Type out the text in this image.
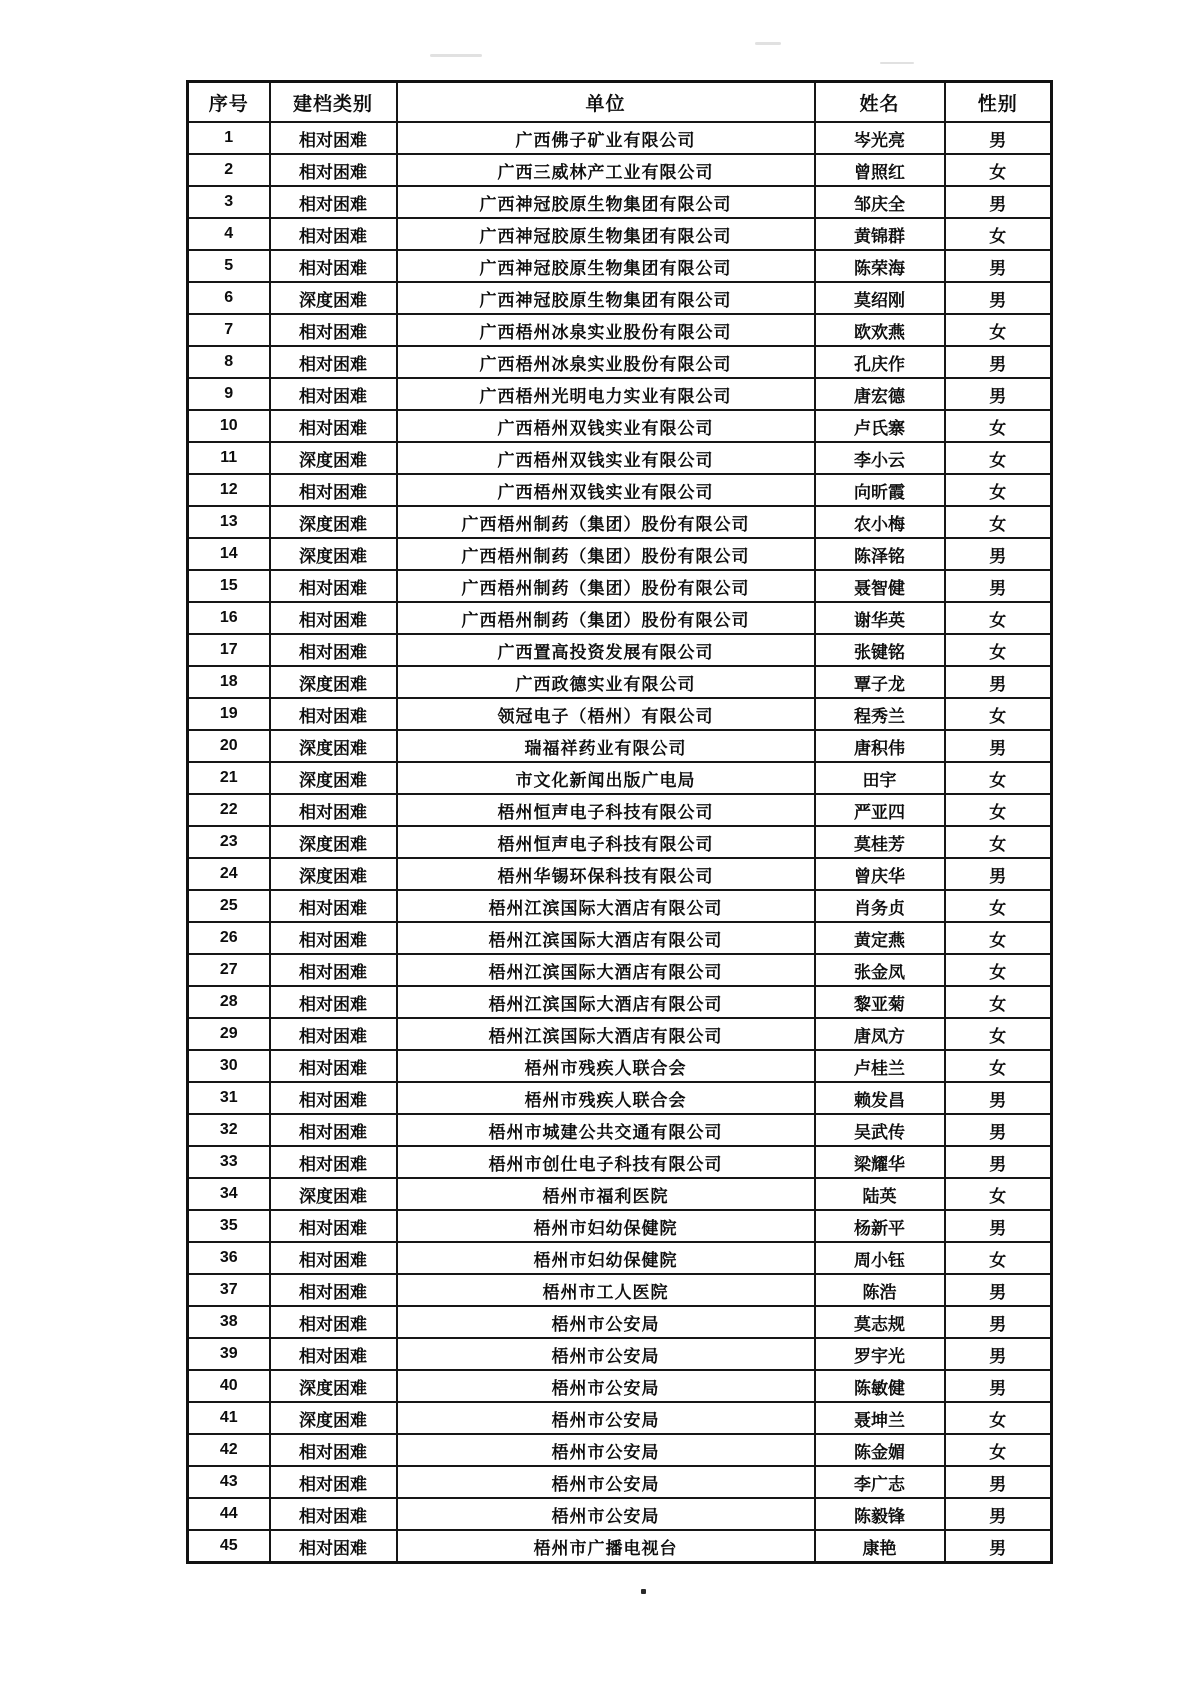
序号	建档类别	单位	姓名	性别
1	相对困难	广西佛子矿业有限公司	岑光亮	男
2	相对困难	广西三威林产工业有限公司	曾照红	女
3	相对困难	广西神冠胶原生物集团有限公司	邹庆全	男
4	相对困难	广西神冠胶原生物集团有限公司	黄锦群	女
5	相对困难	广西神冠胶原生物集团有限公司	陈荣海	男
6	深度困难	广西神冠胶原生物集团有限公司	莫绍刚	男
7	相对困难	广西梧州冰泉实业股份有限公司	欧欢燕	女
8	相对困难	广西梧州冰泉实业股份有限公司	孔庆作	男
9	相对困难	广西梧州光明电力实业有限公司	唐宏德	男
10	相对困难	广西梧州双钱实业有限公司	卢氏寨	女
11	深度困难	广西梧州双钱实业有限公司	李小云	女
12	相对困难	广西梧州双钱实业有限公司	向昕霞	女
13	深度困难	广西梧州制药（集团）股份有限公司	农小梅	女
14	深度困难	广西梧州制药（集团）股份有限公司	陈泽铭	男
15	相对困难	广西梧州制药（集团）股份有限公司	聂智健	男
16	相对困难	广西梧州制药（集团）股份有限公司	谢华英	女
17	相对困难	广西置高投资发展有限公司	张键铭	女
18	深度困难	广西政德实业有限公司	覃子龙	男
19	相对困难	领冠电子（梧州）有限公司	程秀兰	女
20	深度困难	瑞福祥药业有限公司	唐积伟	男
21	深度困难	市文化新闻出版广电局	田宇	女
22	相对困难	梧州恒声电子科技有限公司	严亚四	女
23	深度困难	梧州恒声电子科技有限公司	莫桂芳	女
24	深度困难	梧州华锡环保科技有限公司	曾庆华	男
25	相对困难	梧州江滨国际大酒店有限公司	肖务贞	女
26	相对困难	梧州江滨国际大酒店有限公司	黄定燕	女
27	相对困难	梧州江滨国际大酒店有限公司	张金凤	女
28	相对困难	梧州江滨国际大酒店有限公司	黎亚菊	女
29	相对困难	梧州江滨国际大酒店有限公司	唐凤方	女
30	相对困难	梧州市残疾人联合会	卢桂兰	女
31	相对困难	梧州市残疾人联合会	赖发昌	男
32	相对困难	梧州市城建公共交通有限公司	吴武传	男
33	相对困难	梧州市创仕电子科技有限公司	梁耀华	男
34	深度困难	梧州市福利医院	陆英	女
35	相对困难	梧州市妇幼保健院	杨新平	男
36	相对困难	梧州市妇幼保健院	周小钰	女
37	相对困难	梧州市工人医院	陈浩	男
38	相对困难	梧州市公安局	莫志规	男
39	相对困难	梧州市公安局	罗宇光	男
40	深度困难	梧州市公安局	陈敏健	男
41	深度困难	梧州市公安局	聂坤兰	女
42	相对困难	梧州市公安局	陈金媚	女
43	相对困难	梧州市公安局	李广志	男
44	相对困难	梧州市公安局	陈毅锋	男
45	相对困难	梧州市广播电视台	康艳	男
